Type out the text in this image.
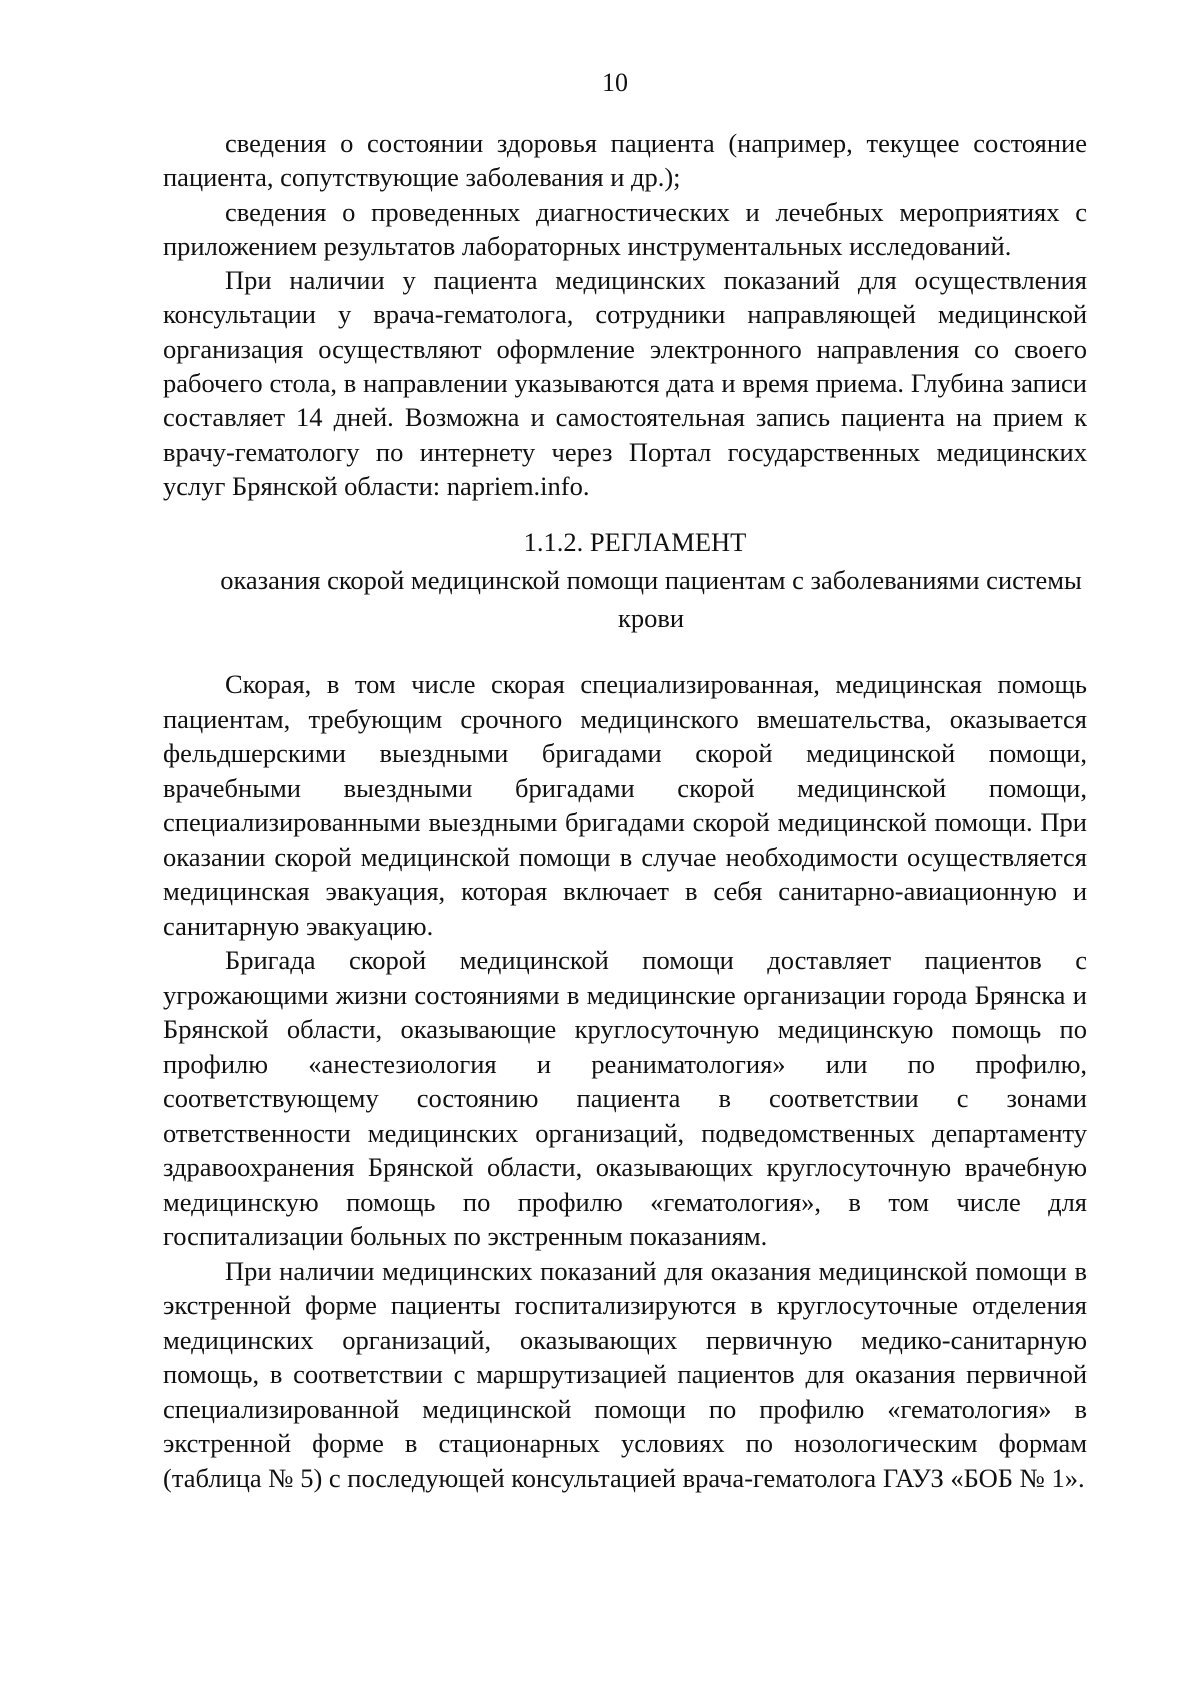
10

сведения о состоянии здоровья пациента (например, текущее состояние пациента, сопутствующие заболевания и др.);

сведения о проведенных диагностических и лечебных мероприятиях с приложением результатов лабораторных инструментальных исследований.

При наличии у пациента медицинских показаний для осуществления консультации у врача-гематолога, сотрудники направляющей медицинской организация осуществляют оформление электронного направления со своего рабочего стола, в направлении указываются дата и время приема. Глубина записи составляет 14 дней. Возможна и самостоятельная запись пациента на прием к врачу-гематологу по интернету через Портал государственных медицинских услуг Брянской области: napriem.info.

1.1.2. РЕГЛАМЕНТ

оказания скорой медицинской помощи пациентам с заболеваниями системы крови

Скорая, в том числе скорая специализированная, медицинская помощь пациентам, требующим срочного медицинского вмешательства, оказывается фельдшерскими выездными бригадами скорой медицинской помощи, врачебными выездными бригадами скорой медицинской помощи, специализированными выездными бригадами скорой медицинской помощи. При оказании скорой медицинской помощи в случае необходимости осуществляется медицинская эвакуация, которая включает в себя санитарно-авиационную и санитарную эвакуацию.

Бригада скорой медицинской помощи доставляет пациентов с угрожающими жизни состояниями в медицинские организации города Брянска и Брянской области, оказывающие круглосуточную медицинскую помощь по профилю «анестезиология и реаниматология» или по профилю, соответствующему состоянию пациента в соответствии с зонами ответственности медицинских организаций, подведомственных департаменту здравоохранения Брянской области, оказывающих круглосуточную врачебную медицинскую помощь по профилю «гематология», в том числе для госпитализации больных по экстренным показаниям.

При наличии медицинских показаний для оказания медицинской помощи в экстренной форме пациенты госпитализируются в круглосуточные отделения медицинских организаций, оказывающих первичную медико-санитарную помощь, в соответствии с маршрутизацией пациентов для оказания первичной специализированной медицинской помощи по профилю «гематология» в экстренной форме в стационарных условиях по нозологическим формам (таблица № 5) с последующей консультацией врача-гематолога ГАУЗ «БОБ № 1».
